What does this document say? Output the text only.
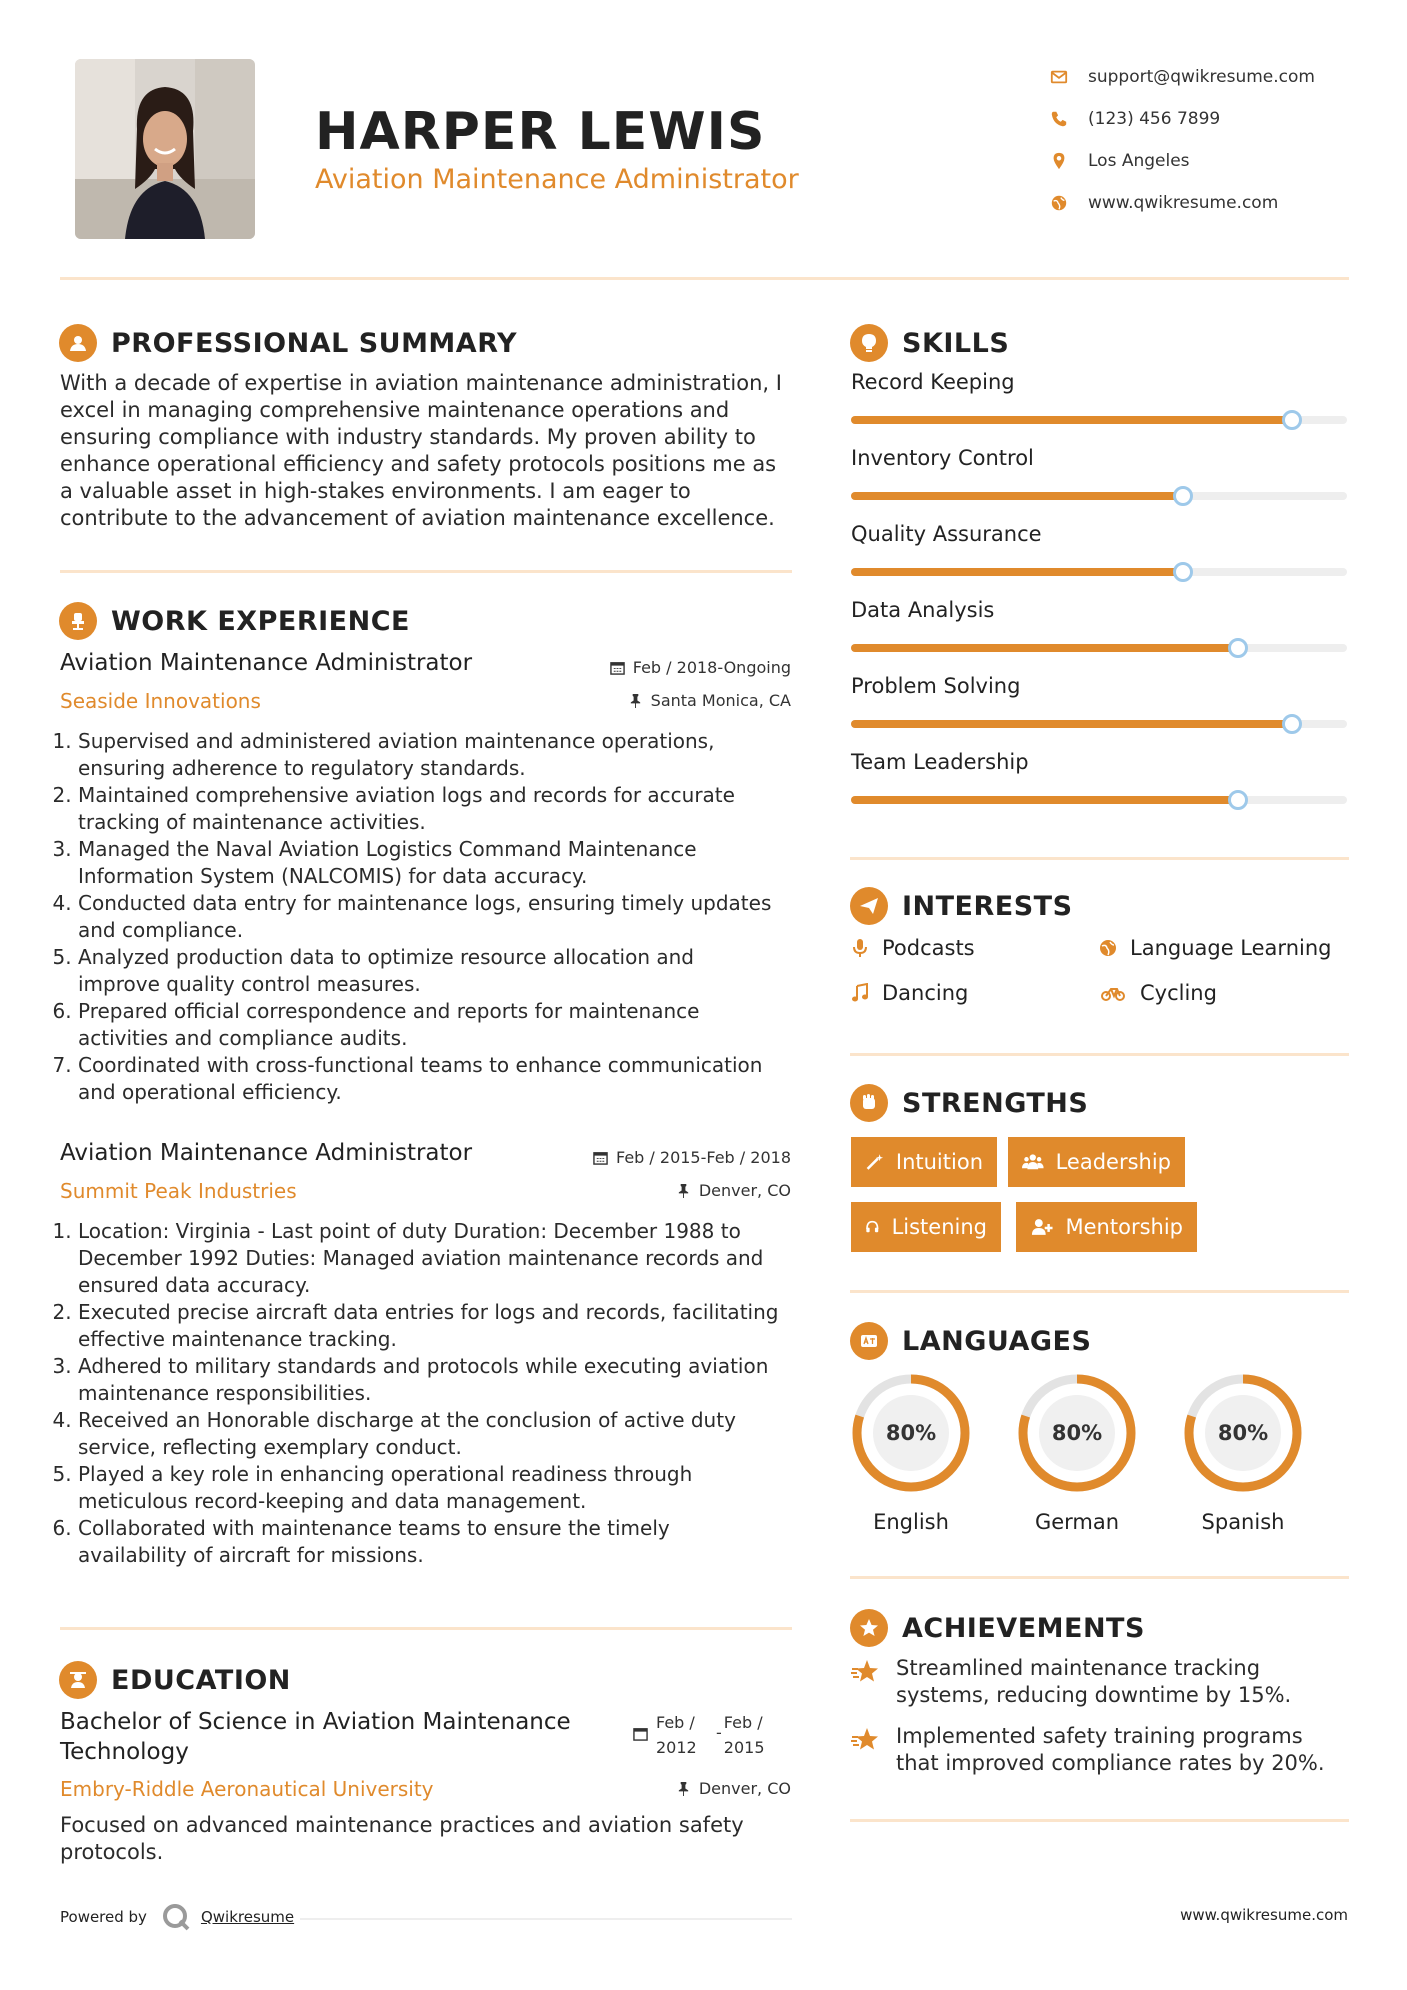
HARPER LEWIS
Aviation Maintenance Administrator
support@qwikresume.com
(123) 456 7899
Los Angeles
www.qwikresume.com
PROFESSIONAL SUMMARY
With a decade of expertise in aviation maintenance administration, I excel in managing comprehensive maintenance operations and ensuring compliance with industry standards. My proven ability to enhance operational efficiency and safety protocols positions me as a valuable asset in high-stakes environments. I am eager to contribute to the advancement of aviation maintenance excellence.
WORK EXPERIENCE
Aviation Maintenance Administrator	Feb / 2018-Ongoing
Seaside Innovations	Santa Monica, CA
1. Supervised and administered aviation maintenance operations, ensuring adherence to regulatory standards.
2. Maintained comprehensive aviation logs and records for accurate tracking of maintenance activities.
3. Managed the Naval Aviation Logistics Command Maintenance Information System (NALCOMIS) for data accuracy.
4. Conducted data entry for maintenance logs, ensuring timely updates and compliance.
5. Analyzed production data to optimize resource allocation and improve quality control measures.
6. Prepared official correspondence and reports for maintenance activities and compliance audits.
7. Coordinated with cross-functional teams to enhance communication and operational efficiency.
Aviation Maintenance Administrator	Feb / 2015-Feb / 2018
Summit Peak Industries	Denver, CO
1. Location: Virginia - Last point of duty Duration: December 1988 to December 1992 Duties: Managed aviation maintenance records and ensured data accuracy.
2. Executed precise aircraft data entries for logs and records, facilitating effective maintenance tracking.
3. Adhered to military standards and protocols while executing aviation maintenance responsibilities.
4. Received an Honorable discharge at the conclusion of active duty service, reflecting exemplary conduct.
5. Played a key role in enhancing operational readiness through meticulous record-keeping and data management.
6. Collaborated with maintenance teams to ensure the timely availability of aircraft for missions.
EDUCATION
Bachelor of Science in Aviation Maintenance Technology
Feb /
2012
-
Feb /
2015
Embry-Riddle Aeronautical University	Denver, CO
Focused on advanced maintenance practices and aviation safety protocols.
SKILLS
Record Keeping
Inventory Control
Quality Assurance
Data Analysis
Problem Solving
Team Leadership
INTERESTS
Podcasts	Language Learning
Dancing	Cycling
STRENGTHS
Intuition	Leadership
Listening	Mentorship
LANGUAGES
80%
English
80%
German
80%
Spanish
ACHIEVEMENTS
Streamlined maintenance tracking systems, reducing downtime by 15%.
Implemented safety training programs that improved compliance rates by 20%.
Powered by	Qwikresume	www.qwikresume.com
